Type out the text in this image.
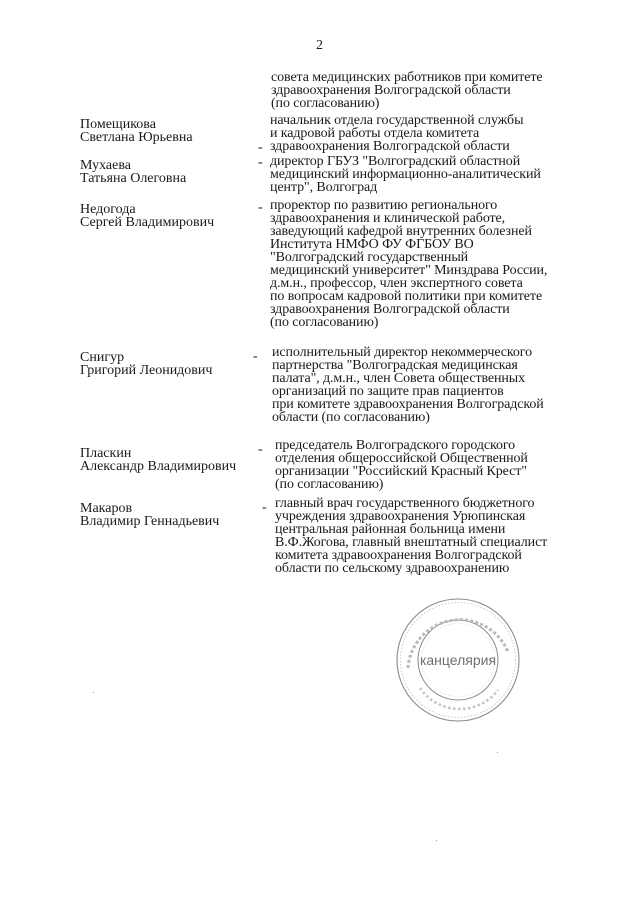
2
совета медицинских работников при комитете
здравоохранения Волгоградской области
(по согласованию)
Помещикова
Светлана Юрьевна
-
начальник отдела государственной службы
и кадровой работы отдела комитета
здравоохранения Волгоградской области
Мухаева
Татьяна Олеговна
- директор ГБУЗ "Волгоградский областной
медицинский информационно-аналитический
центр", Волгоград
Недогода
Сергей Владимирович
- проректор по развитию регионального
здравоохранения и клинической работе,
заведующий кафедрой внутренних болезней
Института НМФО ФУ ФГБОУ ВО
"Волгоградский государственный
медицинский университет" Минздрава России,
д.м.н., профессор, член экспертного совета
по вопросам кадровой политики при комитете
здравоохранения Волгоградской области
(по согласованию)
Снигур
Григорий Леонидович
- исполнительный директор некоммерческого
партнерства "Волгоградская медицинская
палата", д.м.н., член Совета общественных
организаций по защите прав пациентов
при комитете здравоохранения Волгоградской
области (по согласованию)
Пласкин
Александр Владимирович
- председатель Волгоградского городского
отделения общероссийской Общественной
организации "Российский Красный Крест"
(по согласованию)
Макаров
Владимир Геннадьевич
- главный врач государственного бюджетного
учреждения здравоохранения Урюпинская
центральная районная больница имени
В.Ф.Жогова, главный внештатный специалист
комитета здравоохранения Волгоградской
области по сельскому здравоохранению
канцелярия
